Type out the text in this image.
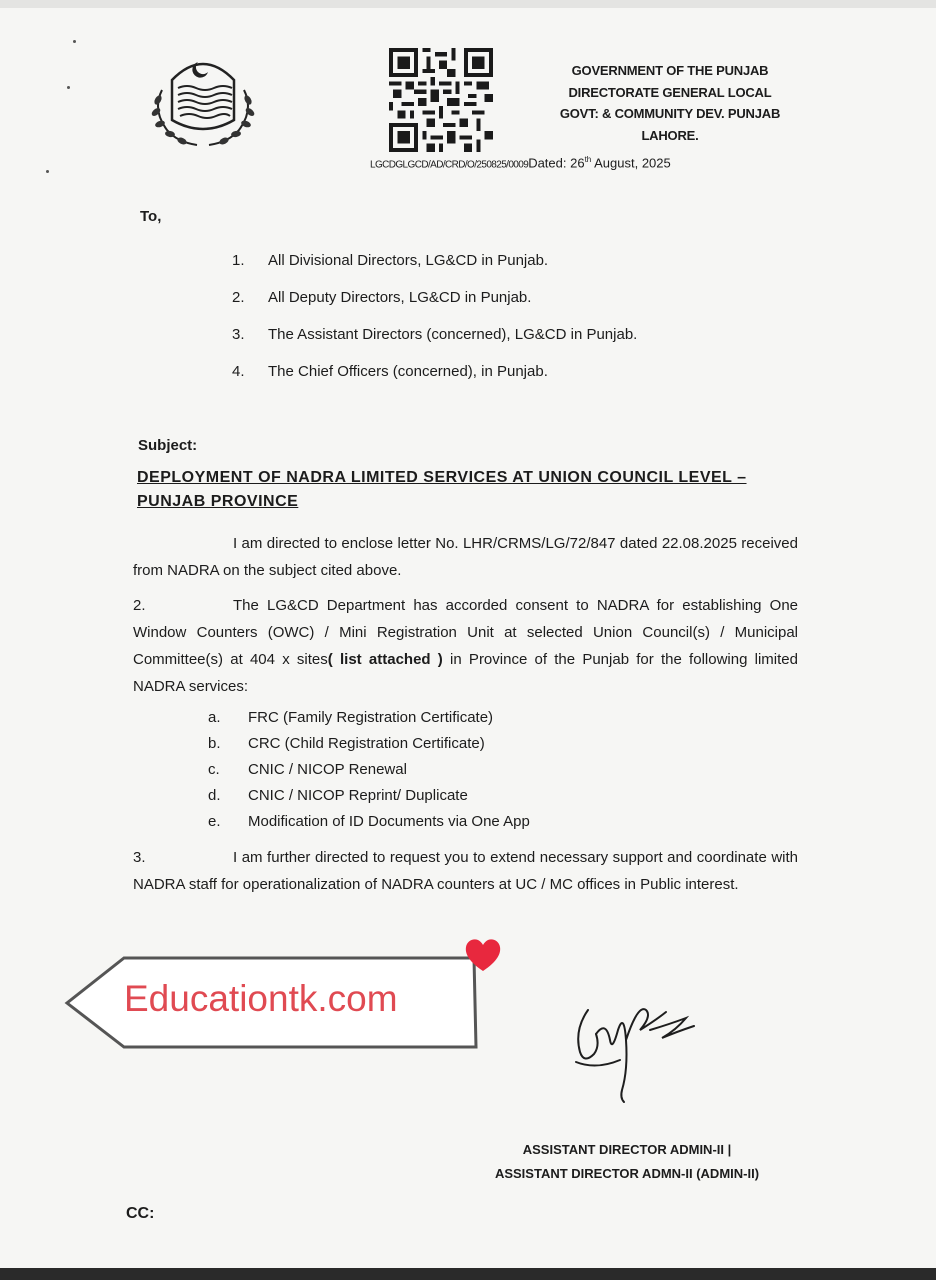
GOVERNMENT OF THE PUNJAB
DIRECTORATE GENERAL LOCAL
GOVT: & COMMUNITY DEV. PUNJAB
LAHORE.
LGCDGLGCD/AD/CRD/O/250825/0009Dated: 26th August, 2025
To,
1. All Divisional Directors, LG&CD in Punjab.
2. All Deputy Directors, LG&CD in Punjab.
3. The Assistant Directors (concerned), LG&CD in Punjab.
4. The Chief Officers (concerned), in Punjab.
Subject:
DEPLOYMENT OF NADRA LIMITED SERVICES AT UNION COUNCIL LEVEL – PUNJAB PROVINCE
I am directed to enclose letter No. LHR/CRMS/LG/72/847 dated 22.08.2025 received from NADRA on the subject cited above.
2.	The LG&CD Department has accorded consent to NADRA for establishing One Window Counters (OWC) / Mini Registration Unit at selected Union Council(s) / Municipal Committee(s) at 404 x sites( list attached ) in Province of the Punjab for the following limited NADRA services:
a. FRC (Family Registration Certificate)
b. CRC (Child Registration Certificate)
c. CNIC / NICOP Renewal
d. CNIC / NICOP Reprint/ Duplicate
e. Modification of ID Documents via One App
3.	I am further directed to request you to extend necessary support and coordinate with NADRA staff for operationalization of NADRA counters at UC / MC offices in Public interest.
Educationtk.com
ASSISTANT DIRECTOR ADMIN-II |
ASSISTANT DIRECTOR ADMN-II (ADMIN-II)
CC:
